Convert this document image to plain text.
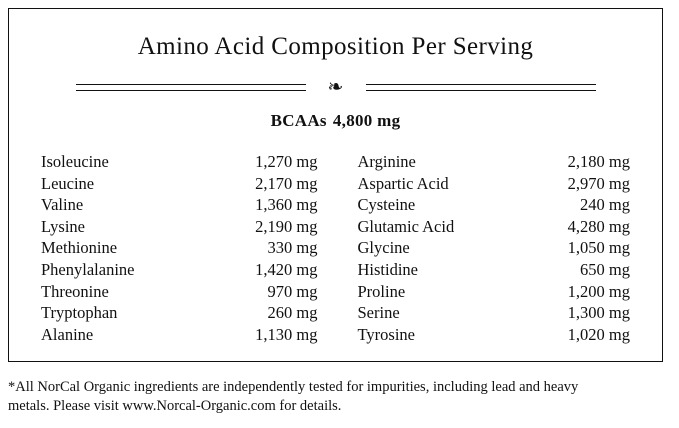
Amino Acid Composition Per Serving
❧
BCAAs 4,800 mg
Isoleucine	1,270 mg
Leucine	2,170 mg
Valine	1,360 mg
Lysine	2,190 mg
Methionine	330 mg
Phenylalanine	1,420 mg
Threonine	970 mg
Tryptophan	260 mg
Alanine	1,130 mg
Arginine	2,180 mg
Aspartic Acid	2,970 mg
Cysteine	240 mg
Glutamic Acid	4,280 mg
Glycine	1,050 mg
Histidine	650 mg
Proline	1,200 mg
Serine	1,300 mg
Tyrosine	1,020 mg
*All NorCal Organic ingredients are independently tested for impurities, including lead and heavy
metals. Please visit www.Norcal-Organic.com for details.
